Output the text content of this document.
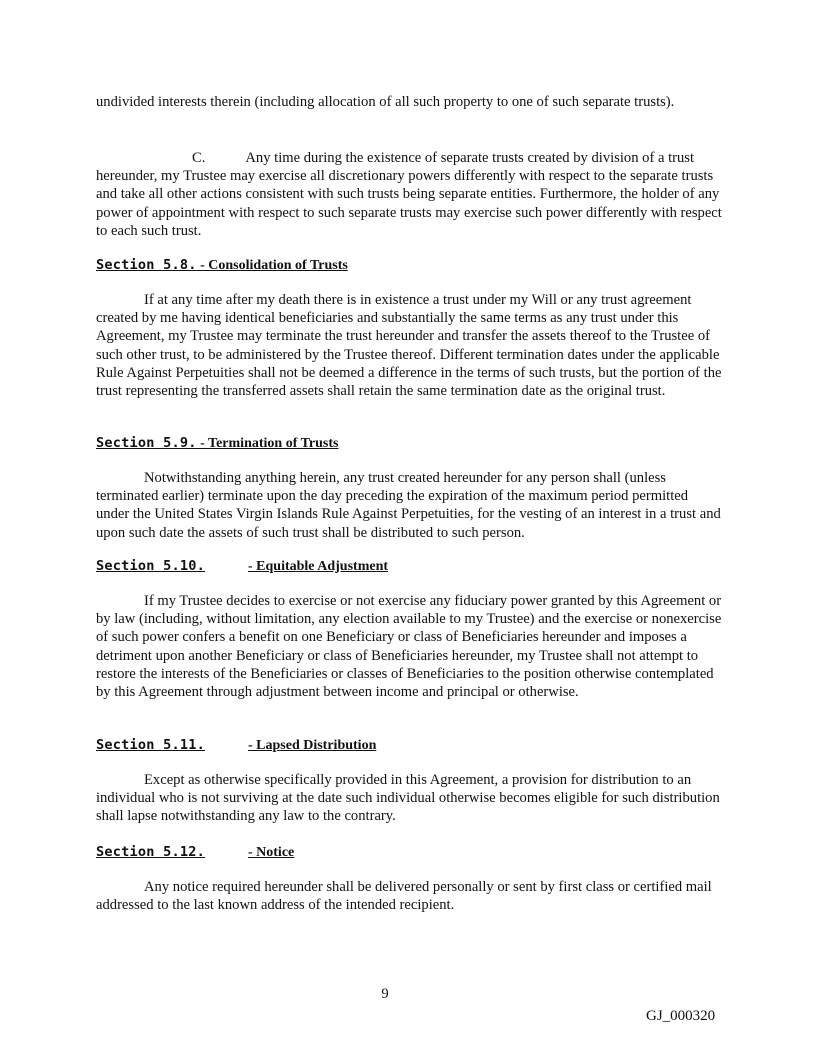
undivided interests therein (including allocation of all such property to one of such separate trusts).

C.	Any time during the existence of separate trusts created by division of a trust hereunder, my Trustee may exercise all discretionary powers differently with respect to the separate trusts and take all other actions consistent with such trusts being separate entities. Furthermore, the holder of any power of appointment with respect to such separate trusts may exercise such power differently with respect to each such trust.

Section 5.8. - Consolidation of Trusts

If at any time after my death there is in existence a trust under my Will or any trust agreement created by me having identical beneficiaries and substantially the same terms as any trust under this Agreement, my Trustee may terminate the trust hereunder and transfer the assets thereof to the Trustee of such other trust, to be administered by the Trustee thereof. Different termination dates under the applicable Rule Against Perpetuities shall not be deemed a difference in the terms of such trusts, but the portion of the trust representing the transferred assets shall retain the same termination date as the original trust.

Section 5.9. - Termination of Trusts

Notwithstanding anything herein, any trust created hereunder for any person shall (unless terminated earlier) terminate upon the day preceding the expiration of the maximum period permitted under the United States Virgin Islands Rule Against Perpetuities, for the vesting of an interest in a trust and upon such date the assets of such trust shall be distributed to such person.

Section 5.10.	- Equitable Adjustment

If my Trustee decides to exercise or not exercise any fiduciary power granted by this Agreement or by law (including, without limitation, any election available to my Trustee) and the exercise or nonexercise of such power confers a benefit on one Beneficiary or class of Beneficiaries hereunder and imposes a detriment upon another Beneficiary or class of Beneficiaries hereunder, my Trustee shall not attempt to restore the interests of the Beneficiaries or classes of Beneficiaries to the position otherwise contemplated by this Agreement through adjustment between income and principal or otherwise.

Section 5.11.	- Lapsed Distribution

Except as otherwise specifically provided in this Agreement, a provision for distribution to an individual who is not surviving at the date such individual otherwise becomes eligible for such distribution shall lapse notwithstanding any law to the contrary.

Section 5.12.	- Notice

Any notice required hereunder shall be delivered personally or sent by first class or certified mail addressed to the last known address of the intended recipient.

9
GJ_000320
